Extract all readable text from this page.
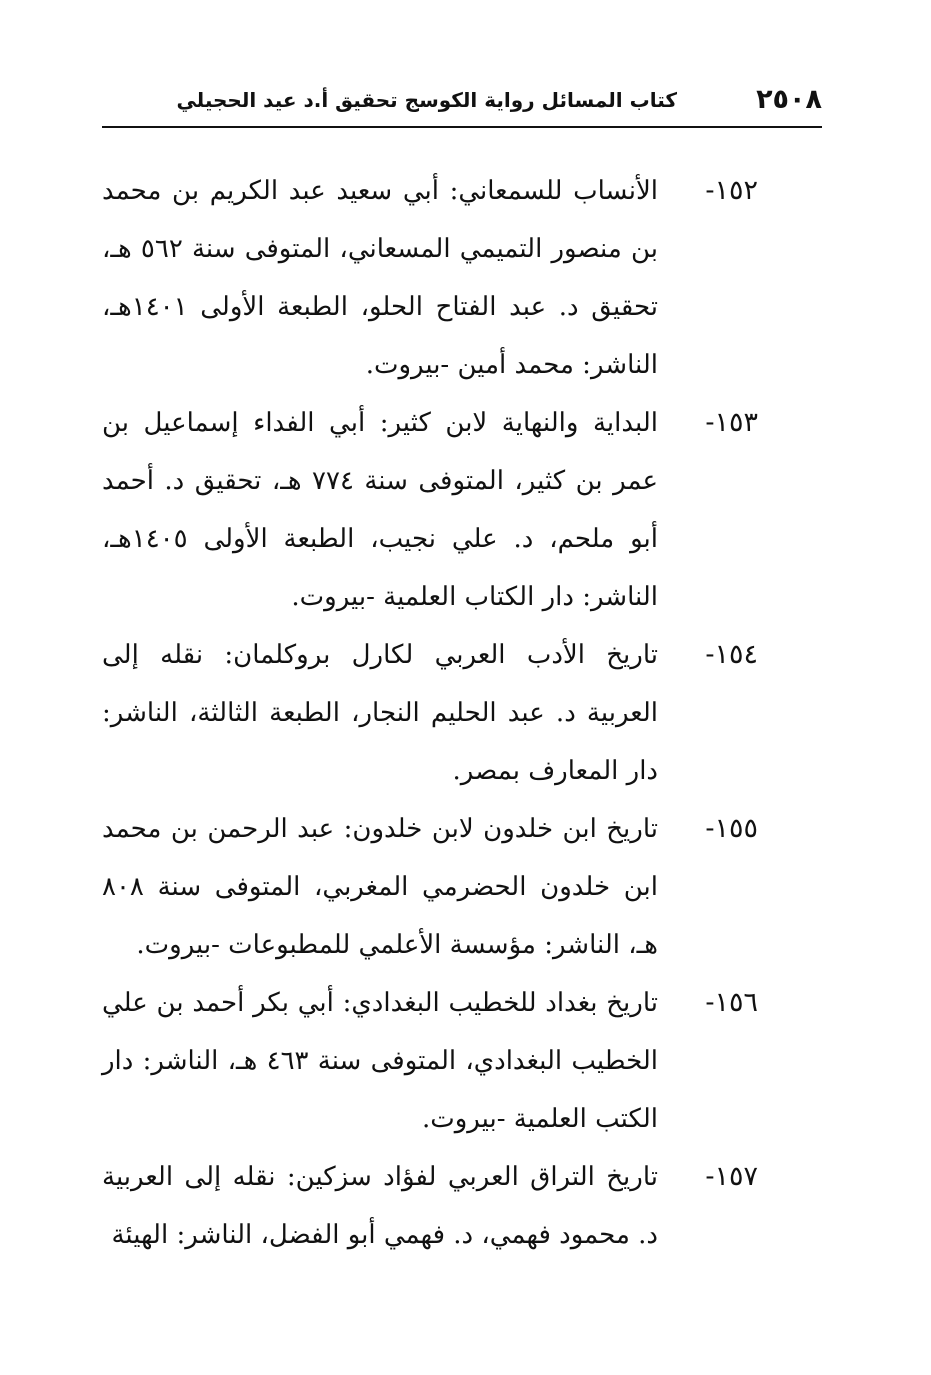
٢٥٠٨
كتاب المسائل رواية الكوسج تحقيق أ.د عيد الحجيلي
١٥٢-
الأنساب للسمعاني: أبي سعيد عبد الكريم بن محمد بن منصور التميمي المسعاني، المتوفى سنة ٥٦٢ هـ، تحقيق د. عبد الفتاح الحلو، الطبعة الأولى ١٤٠١هـ، الناشر: محمد أمين -بيروت.
١٥٣-
البداية والنهاية لابن كثير: أبي الفداء إسماعيل بن عمر بن كثير، المتوفى سنة ٧٧٤ هـ، تحقيق د. أحمد أبو ملحم، د. علي نجيب، الطبعة الأولى ١٤٠٥هـ، الناشر: دار الكتاب العلمية -بيروت.
١٥٤-
تاريخ الأدب العربي لكارل بروكلمان: نقله إلى العربية د. عبد الحليم النجار، الطبعة الثالثة، الناشر: دار المعارف بمصر.
١٥٥-
تاريخ ابن خلدون لابن خلدون: عبد الرحمن بن محمد ابن خلدون الحضرمي المغربي، المتوفى سنة ٨٠٨ هـ، الناشر: مؤسسة الأعلمي للمطبوعات -بيروت.
١٥٦-
تاريخ بغداد للخطيب البغدادي: أبي بكر أحمد بن علي الخطيب البغدادي، المتوفى سنة ٤٦٣ هـ، الناشر: دار الكتب العلمية -بيروت.
١٥٧-
تاريخ التراق العربي لفؤاد سزكين: نقله إلى العربية د. محمود فهمي، د. فهمي أبو الفضل، الناشر: الهيئة
